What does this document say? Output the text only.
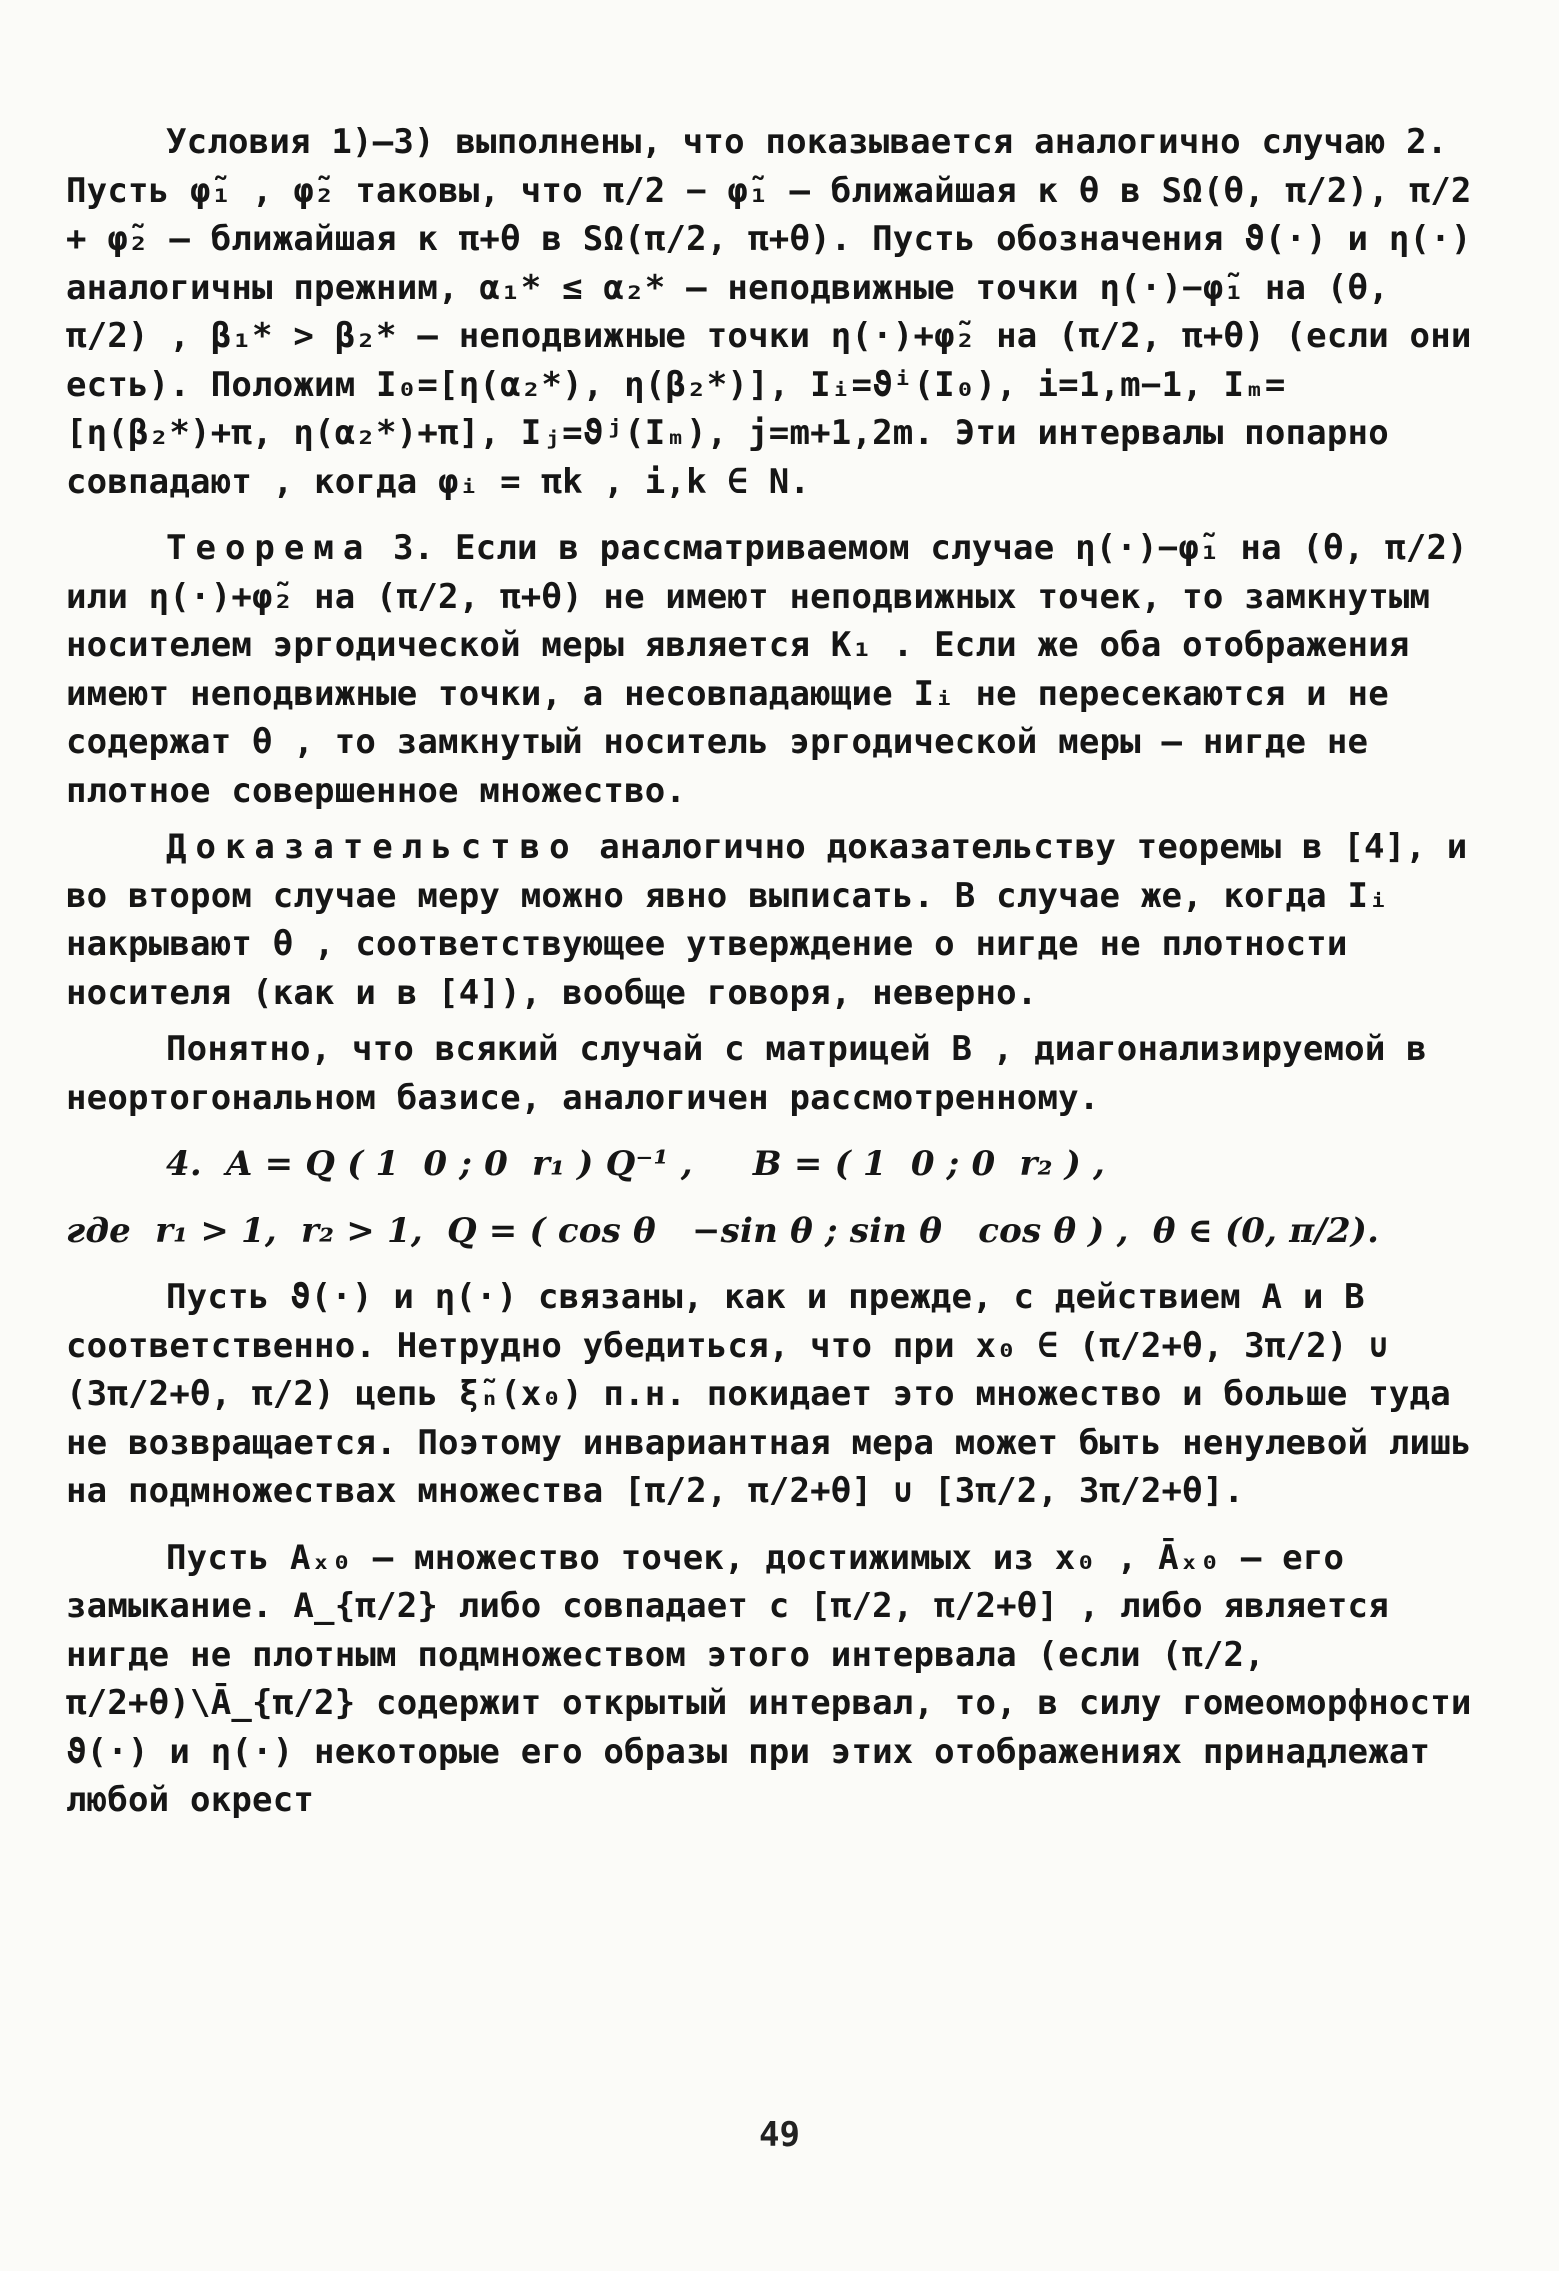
Условия 1)–3) выполнены, что показывается аналогично случаю 2. Пусть φ̃₁ , φ̃₂ таковы, что π/2 − φ̃₁ – ближайшая к θ в SΩ(θ, π/2), π/2 + φ̃₂ – ближайшая к π+θ в SΩ(π/2, π+θ). Пусть обозначения ϑ(·) и η(·) аналогичны прежним, α₁* ≤ α₂* – неподвижные точки η(·)−φ̃₁ на (θ, π/2) , β₁* > β₂* – неподвижные точки η(·)+φ̃₂ на (π/2, π+θ) (если они есть). Положим I₀=[η(α₂*), η(β₂*)], Iᵢ=ϑⁱ(I₀), i=1,m−1, Iₘ=[η(β₂*)+π, η(α₂*)+π], Iⱼ=ϑʲ(Iₘ), j=m+1,2m. Эти интервалы попарно совпадают , когда φᵢ = πk , i,k ∈ N.

Теорема 3. Если в рассматриваемом случае η(·)−φ̃₁ на (θ, π/2) или η(·)+φ̃₂ на (π/2, π+θ) не имеют неподвижных точек, то замкнутым носителем эргодической меры является K₁ . Если же оба отображения имеют неподвижные точки, а несовпадающие Iᵢ не пересекаются и не содержат θ , то замкнутый носитель эргодической меры – нигде не плотное совершенное множество.

Доказательство аналогично доказательству теоремы в [4], и во втором случае меру можно явно выписать. В случае же, когда Iᵢ накрывают θ , соответствующее утверждение о нигде не плотности носителя (как и в [4]), вообще говоря, неверно.

Понятно, что всякий случай с матрицей B , диагонализируемой в неортогональном базисе, аналогичен рассмотренному.

4.  A = Q ( 1  0 ; 0  r₁ ) Q⁻¹ ,     B = ( 1  0 ; 0  r₂ ) ,

где  r₁ > 1,  r₂ > 1,  Q = ( cos θ   −sin θ ; sin θ   cos θ ) ,  θ ∈ (0, π/2).

Пусть ϑ(·) и η(·) связаны, как и прежде, с действием A и B соответственно. Нетрудно убедиться, что при x₀ ∈ (π/2+θ, 3π/2) ∪ (3π/2+θ, π/2) цепь ξ̃ₙ(x₀) п.н. покидает это множество и больше туда не возвращается. Поэтому инвариантная мера может быть ненулевой лишь на подмножествах множества [π/2, π/2+θ] ∪ [3π/2, 3π/2+θ].

Пусть Aₓ₀ – множество точек, достижимых из x₀ , Āₓ₀ – его замыкание. A_{π/2} либо совпадает с [π/2, π/2+θ] , либо является нигде не плотным подмножеством этого интервала (если (π/2, π/2+θ)\Ā_{π/2} содержит открытый интервал, то, в силу гомеоморфности ϑ(·) и η(·) некоторые его образы при этих отображениях принадлежат любой окрест

49
